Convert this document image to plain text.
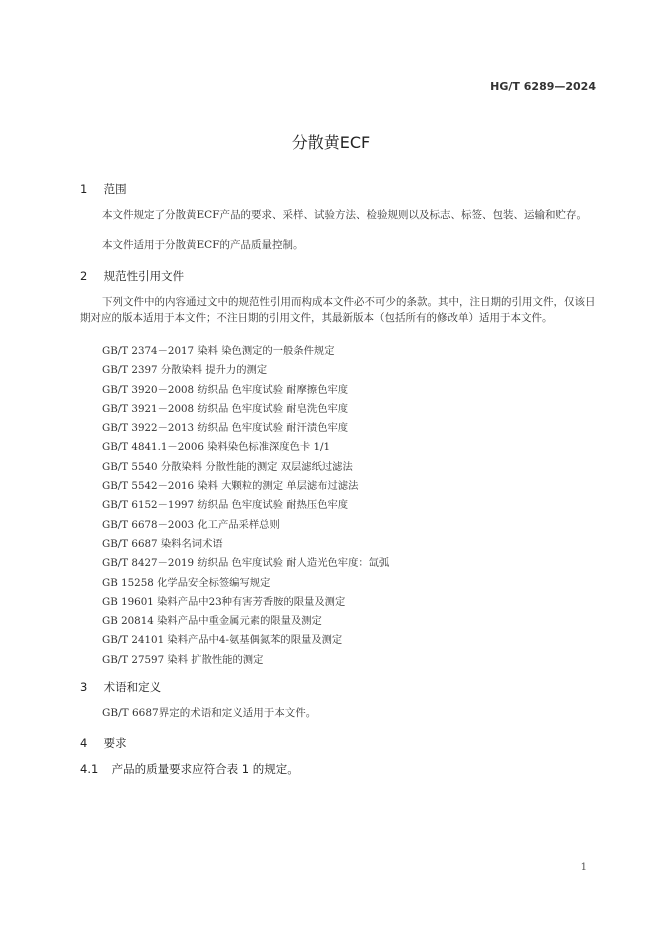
HG/T 6289—2024
分散黄ECF
1 范围
本文件规定了分散黄ECF产品的要求、采样、试验方法、检验规则以及标志、标签、包装、运输和贮存。
本文件适用于分散黄ECF的产品质量控制。
2 规范性引用文件
下列文件中的内容通过文中的规范性引用而构成本文件必不可少的条款。其中，注日期的引用文件，仅该日期对应的版本适用于本文件；不注日期的引用文件，其最新版本（包括所有的修改单）适用于本文件。
GB/T 2374－2017 染料 染色测定的一般条件规定
GB/T 2397 分散染料 提升力的测定
GB/T 3920－2008 纺织品 色牢度试验 耐摩擦色牢度
GB/T 3921－2008 纺织品 色牢度试验 耐皂洗色牢度
GB/T 3922－2013 纺织品 色牢度试验 耐汗渍色牢度
GB/T 4841.1－2006 染料染色标准深度色卡 1/1
GB/T 5540 分散染料 分散性能的测定 双层滤纸过滤法
GB/T 5542－2016 染料 大颗粒的测定 单层滤布过滤法
GB/T 6152－1997 纺织品 色牢度试验 耐热压色牢度
GB/T 6678－2003 化工产品采样总则
GB/T 6687 染料名词术语
GB/T 8427－2019 纺织品 色牢度试验 耐人造光色牢度：氙弧
GB 15258 化学品安全标签编写规定
GB 19601 染料产品中23种有害芳香胺的限量及测定
GB 20814 染料产品中重金属元素的限量及测定
GB/T 24101 染料产品中4-氨基偶氮苯的限量及测定
GB/T 27597 染料 扩散性能的测定
3 术语和定义
GB/T 6687界定的术语和定义适用于本文件。
4 要求
4.1 产品的质量要求应符合表 1 的规定。
1
